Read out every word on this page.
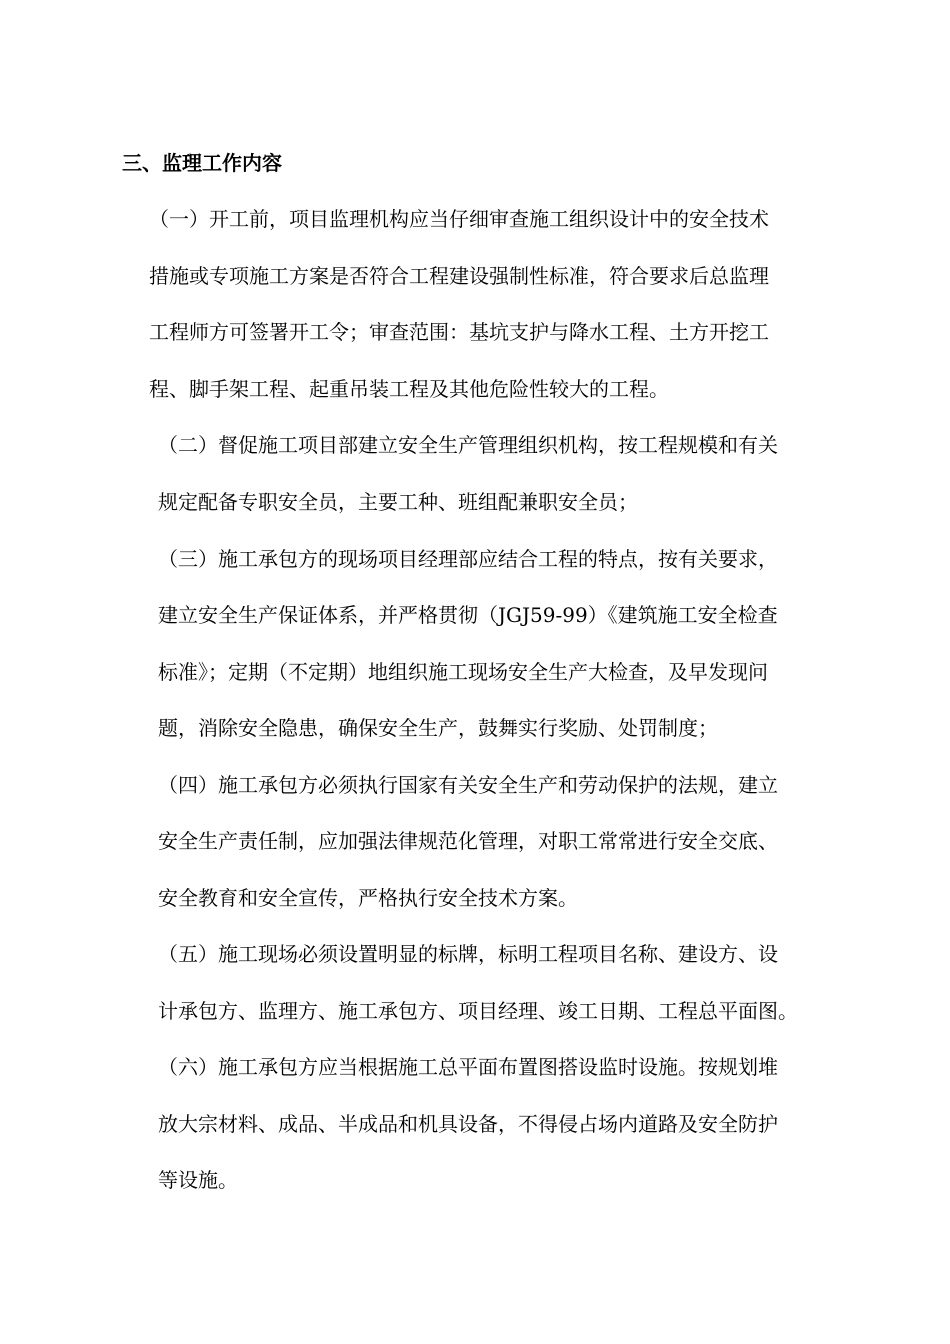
三、监理工作内容

（一）开工前，项目监理机构应当仔细审查施工组织设计中的安全技术

措施或专项施工方案是否符合工程建设强制性标准，符合要求后总监理

工程师方可签署开工令；审查范围：基坑支护与降水工程、土方开挖工

程、脚手架工程、起重吊装工程及其他危险性较大的工程。

（二）督促施工项目部建立安全生产管理组织机构，按工程规模和有关

规定配备专职安全员，主要工种、班组配兼职安全员；

（三）施工承包方的现场项目经理部应结合工程的特点，按有关要求，

建立安全生产保证体系，并严格贯彻（JGJ59-99）《建筑施工安全检查

标准》；定期（不定期）地组织施工现场安全生产大检查，及早发现问

题，消除安全隐患，确保安全生产，鼓舞实行奖励、处罚制度；

（四）施工承包方必须执行国家有关安全生产和劳动保护的法规，建立

安全生产责任制，应加强法律规范化管理，对职工常常进行安全交底、

安全教育和安全宣传，严格执行安全技术方案。

（五）施工现场必须设置明显的标牌，标明工程项目名称、建设方、设

计承包方、监理方、施工承包方、项目经理、竣工日期、工程总平面图。

（六）施工承包方应当根据施工总平面布置图搭设监时设施。按规划堆

放大宗材料、成品、半成品和机具设备，不得侵占场内道路及安全防护

等设施。
